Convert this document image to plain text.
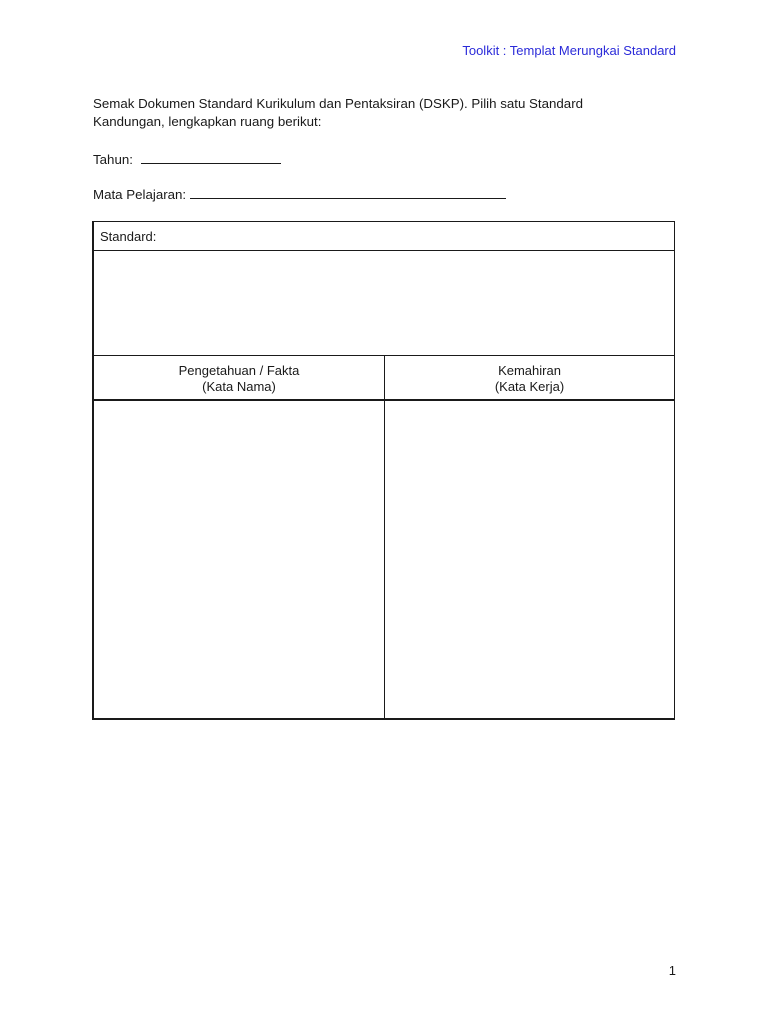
Toolkit : Templat Merungkai Standard
Semak Dokumen Standard Kurikulum dan Pentaksiran (DSKP). Pilih satu Standard
Kandungan, lengkapkan ruang berikut:
Tahun:
Mata Pelajaran:
Standard:
Pengetahuan / Fakta
(Kata Nama)
Kemahiran
(Kata Kerja)
1
